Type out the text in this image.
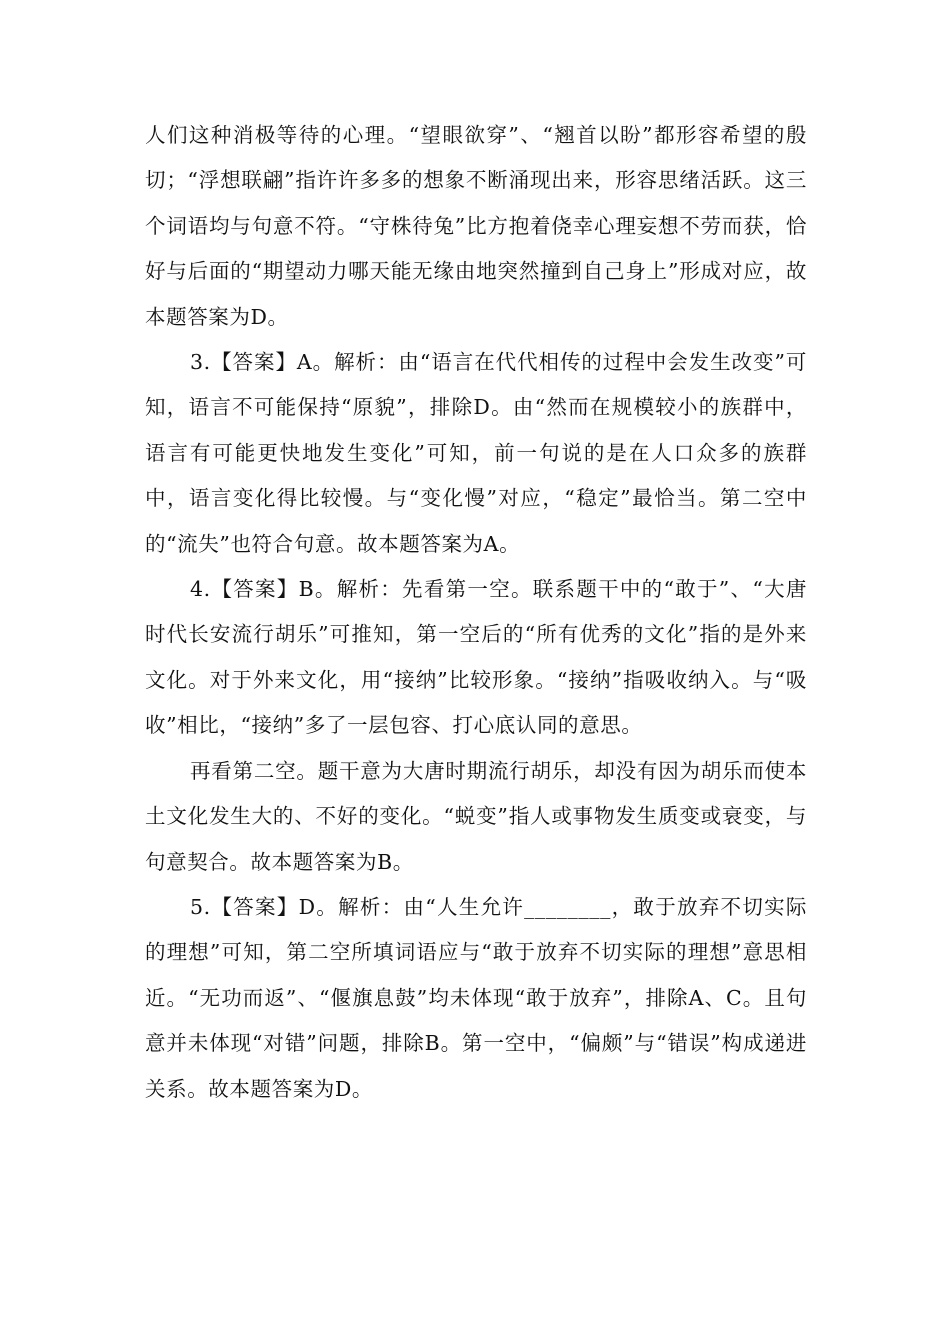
人们这种消极等待的心理。“望眼欲穿”、“翘首以盼”都形容希望的殷切；“浮想联翩”指许许多多的想象不断涌现出来，形容思绪活跃。这三个词语均与句意不符。“守株待兔”比方抱着侥幸心理妄想不劳而获，恰好与后面的“期望动力哪天能无缘由地突然撞到自己身上”形成对应，故本题答案为D。

3.【答案】A。解析：由“语言在代代相传的过程中会发生改变”可知，语言不可能保持“原貌”，排除D。由“然而在规模较小的族群中，语言有可能更快地发生变化”可知，前一句说的是在人口众多的族群中，语言变化得比较慢。与“变化慢”对应，“稳定”最恰当。第二空中的“流失”也符合句意。故本题答案为A。

4.【答案】B。解析：先看第一空。联系题干中的“敢于”、“大唐时代长安流行胡乐”可推知，第一空后的“所有优秀的文化”指的是外来文化。对于外来文化，用“接纳”比较形象。“接纳”指吸收纳入。与“吸收”相比，“接纳”多了一层包容、打心底认同的意思。

再看第二空。题干意为大唐时期流行胡乐，却没有因为胡乐而使本土文化发生大的、不好的变化。“蜕变”指人或事物发生质变或衰变，与句意契合。故本题答案为B。

5.【答案】D。解析：由“人生允许________，敢于放弃不切实际的理想”可知，第二空所填词语应与“敢于放弃不切实际的理想”意思相近。“无功而返”、“偃旗息鼓”均未体现“敢于放弃”，排除A、C。且句意并未体现“对错”问题，排除B。第一空中，“偏颇”与“错误”构成递进关系。故本题答案为D。
